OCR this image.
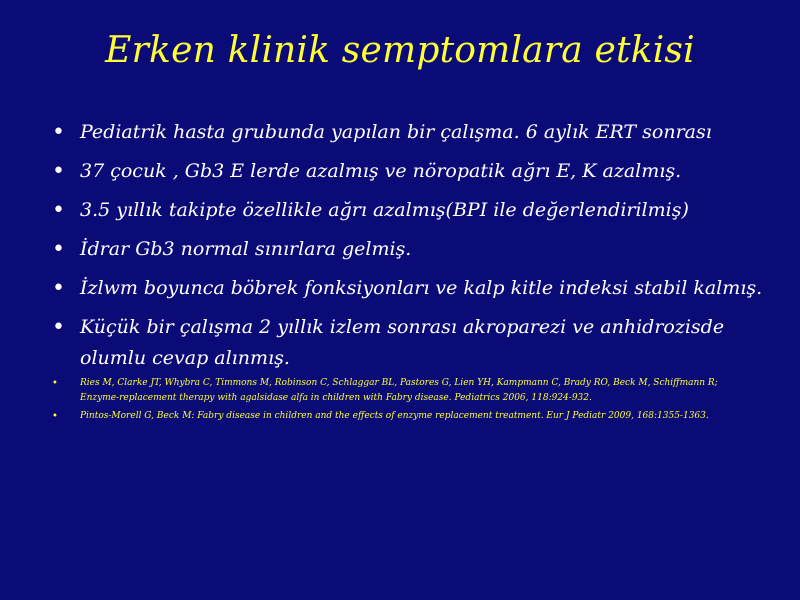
Erken klinik semptomlara etkisi
• Pediatrik hasta grubunda yapılan bir çalışma. 6 aylık ERT sonrası
• 37 çocuk , Gb3 E lerde azalmış ve nöropatik ağrı E, K azalmış.
• 3.5 yıllık takipte özellikle ağrı azalmış(BPI ile değerlendirilmiş)
• İdrar Gb3 normal sınırlara gelmiş.
• İzlwm boyunca böbrek fonksiyonları ve kalp kitle indeksi stabil kalmış.
• Küçük bir çalışma 2 yıllık izlem sonrası akroparezi ve anhidrozisde olumlu cevap alınmış.
• Ries M, Clarke JT, Whybra C, Timmons M, Robinson C, Schlaggar BL, Pastores G, Lien YH, Kampmann C, Brady RO, Beck M, Schiffmann R; Enzyme-replacement therapy with agalsidase alfa in children with Fabry disease. Pediatrics 2006, 118:924-932.
• Pintos-Morell G, Beck M: Fabry disease in children and the effects of enzyme replacement treatment. Eur J Pediatr 2009, 168:1355-1363.
